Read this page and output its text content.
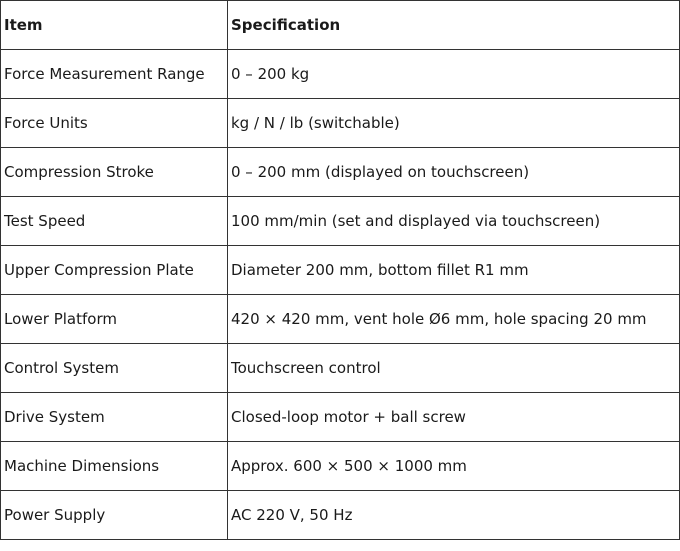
Item	Specification
Force Measurement Range	0 – 200 kg
Force Units	kg / N / lb (switchable)
Compression Stroke	0 – 200 mm (displayed on touchscreen)
Test Speed	100 mm/min (set and displayed via touchscreen)
Upper Compression Plate	Diameter 200 mm, bottom fillet R1 mm
Lower Platform	420 × 420 mm, vent hole Ø6 mm, hole spacing 20 mm
Control System	Touchscreen control
Drive System	Closed-loop motor + ball screw
Machine Dimensions	Approx. 600 × 500 × 1000 mm
Power Supply	AC 220 V, 50 Hz
